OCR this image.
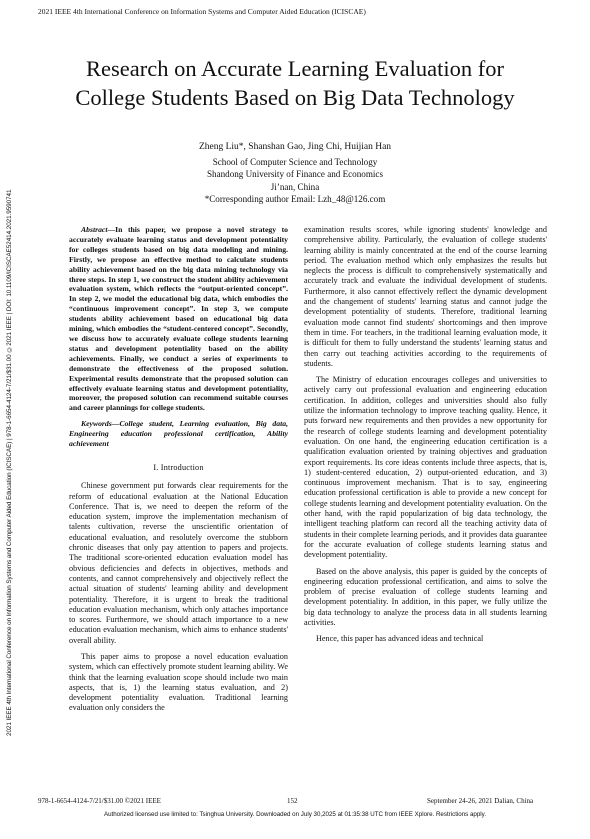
2021 IEEE 4th International Conference on Information Systems and Computer Aided Education (ICISCAE)
2021 IEEE 4th International Conference on Information Systems and Computer Aided Education (ICISCAE) | 978-1-6654-4124-7/21/$31.00 ©2021 IEEE | DOI: 10.1109/ICISCAE52414.2021.9590741
Research on Accurate Learning Evaluation for College Students Based on Big Data Technology
Zheng Liu*, Shanshan Gao, Jing Chi, Huijian Han
School of Computer Science and Technology
Shandong University of Finance and Economics
Ji’nan, China
*Corresponding author Email: Lzh_48@126.com

Abstract—In this paper, we propose a novel strategy to accurately evaluate learning status and development potentiality for colleges students based on big data modeling and mining. Firstly, we propose an effective method to calculate students ability achievement based on the big data mining technology via three steps. In step 1, we construct the student ability achievement evaluation system, which reflects the “output-oriented concept”. In step 2, we model the educational big data, which embodies the “continuous improvement concept”. In step 3, we compute students ability achievement based on educational big data mining, which embodies the “student-centered concept”. Secondly, we discuss how to accurately evaluate college students learning status and development potentiality based on the ability achievements. Finally, we conduct a series of experiments to demonstrate the effectiveness of the proposed solution. Experimental results demonstrate that the proposed solution can effectively evaluate learning status and development potentiality, moreover, the proposed solution can recommend suitable courses and career plannings for college students.

Keywords—College student, Learning evaluation, Big data, Engineering education professional certification, Ability achievement

I. Introduction

Chinese government put forwards clear requirements for the reform of educational evaluation at the National Education Conference. That is, we need to deepen the reform of the education system, improve the implementation mechanism of talents cultivation, reverse the unscientific orientation of educational evaluation, and resolutely overcome the stubborn chronic diseases that only pay attention to papers and projects. The traditional score-oriented education evaluation model has obvious deficiencies and defects in objectives, methods and contents, and cannot comprehensively and objectively reflect the actual situation of students' learning ability and development potentiality. Therefore, it is urgent to break the traditional education evaluation mechanism, which only attaches importance to scores. Furthermore, we should attach importance to a new education evaluation mechanism, which aims to enhance students' overall ability.

This paper aims to propose a novel education evaluation system, which can effectively promote student learning ability. We think that the learning evaluation scope should include two main aspects, that is, 1) the learning status evaluation, and 2) development potentiality evaluation. Traditional learning evaluation only considers the

examination results scores, while ignoring students' knowledge and comprehensive ability. Particularly, the evaluation of college students' learning ability is mainly concentrated at the end of the course learning period. The evaluation method which only emphasizes the results but neglects the process is difficult to comprehensively systematically and accurately track and evaluate the individual development of students. Furthermore, it also cannot effectively reflect the dynamic development and the changement of students' learning status and cannot judge the development potentiality of students. Therefore, traditional learning evaluation mode cannot find students' shortcomings and then improve them in time. For teachers, in the traditional learning evaluation mode, it is difficult for them to fully understand the students' learning status and then carry out teaching activities according to the requirements of students.

The Ministry of education encourages colleges and universities to actively carry out professional evaluation and engineering education certification. In addition, colleges and universities should also fully utilize the information technology to improve teaching quality. Hence, it puts forward new requirements and then provides a new opportunity for the research of college students learning and development potentiality evaluation. On one hand, the engineering education certification is a qualification evaluation oriented by training objectives and graduation export requirements. Its core ideas contents include three aspects, that is, 1) student-centered education, 2) output-oriented education, and 3) continuous improvement mechanism. That is to say, engineering education professional certification is able to provide a new concept for college students learning and development potentiality evaluation. On the other hand, with the rapid popularization of big data technology, the intelligent teaching platform can record all the teaching activity data of students in their complete learning periods, and it provides data guarantee for the accurate evaluation of college students learning status and development potentiality.

Based on the above analysis, this paper is guided by the concepts of engineering education professional certification, and aims to solve the problem of precise evaluation of college students learning and development potentiality. In addition, in this paper, we fully utilize the big data technology to analyze the process data in all students learning activities.

Hence, this paper has advanced ideas and technical

978-1-6654-4124-7/21/$31.00 ©2021 IEEE	152	September 24-26, 2021 Dalian, China
Authorized licensed use limited to: Tsinghua University. Downloaded on July 30,2025 at 01:35:38 UTC from IEEE Xplore. Restrictions apply.
